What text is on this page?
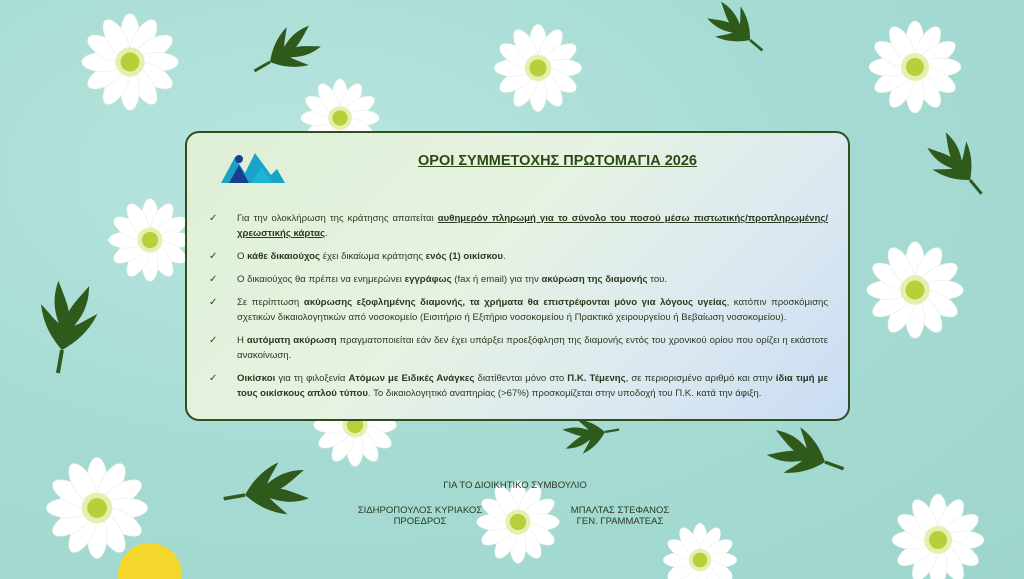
ΟΡΟΙ ΣΥΜΜΕΤΟΧΗΣ ΠΡΩΤΟΜΑΓΙΑ 2026
✓	Για την ολοκλήρωση της κράτησης απαιτείται αυθημερόν πληρωμή για το σύνολο του ποσού μέσω πιστωτικής/προπληρωμένης/χρεωστικής κάρτας.
✓	Ο κάθε δικαιούχος έχει δικαίωμα κράτησης ενός (1) οικίσκου.
✓	Ο δικαιούχος θα πρέπει να ενημερώνει εγγράφως (fax ή email) για την ακύρωση της διαμονής του.
✓	Σε περίπτωση ακύρωσης εξοφλημένης διαμονής, τα χρήματα θα επιστρέφονται μόνο για λόγους υγείας, κατόπιν προσκόμισης σχετικών δικαιολογητικών από νοσοκομείο (Εισιτήριο ή Εξιτήριο νοσοκομείου ή Πρακτικό χειρουργείου ή Βεβαίωση νοσοκομείου).
✓	Η αυτόματη ακύρωση πραγματοποιείται εάν δεν έχει υπάρξει προεξόφληση της διαμονής εντός του χρονικού ορίου που ορίζει η εκάστοτε ανακοίνωση.
✓	Οικίσκοι για τη φιλοξενία Ατόμων με Ειδικές Ανάγκες διατίθενται μόνο στο Π.Κ. Τέμενης, σε περιορισμένο αριθμό και στην ίδια τιμή με τους οικίσκους απλού τύπου. Το δικαιολογητικό αναπηρίας (>67%) προσκομίζεται στην υποδοχή του Π.Κ. κατά την άφιξη.
ΓΙΑ ΤΟ ΔΙΟΙΚΗΤΙΚΟ ΣΥΜΒΟΥΛΙΟ
ΣΙΔΗΡΟΠΟΥΛΟΣ ΚΥΡΙΑΚΟΣ
ΠΡΟΕΔΡΟΣ
ΜΠΑΛΤΑΣ ΣΤΕΦΑΝΟΣ
ΓΕΝ. ΓΡΑΜΜΑΤΕΑΣ
